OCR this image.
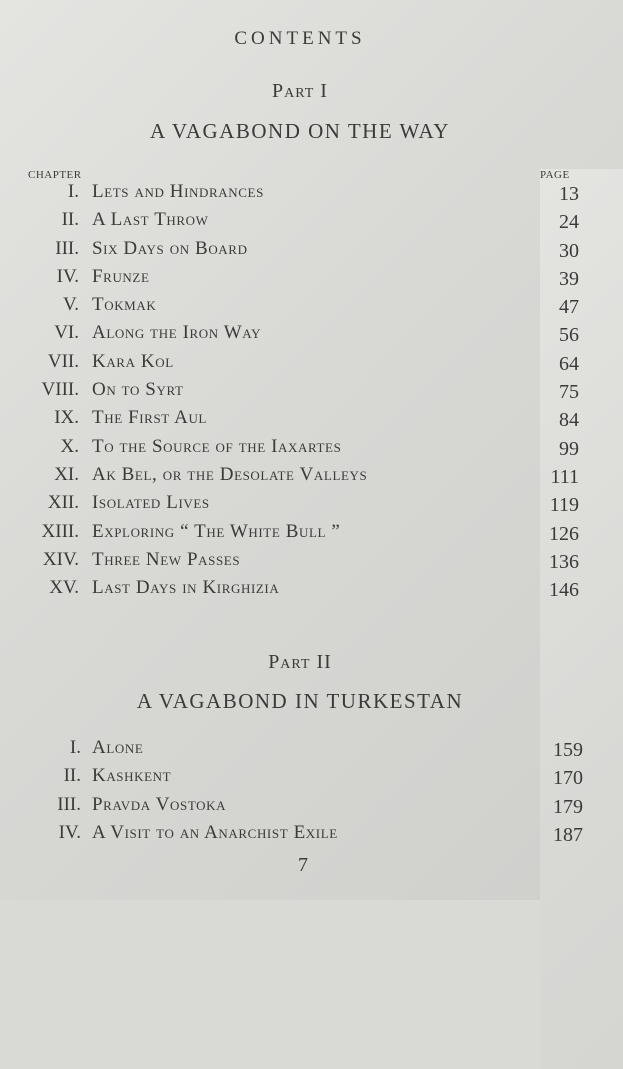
CONTENTS
Part I
A VAGABOND ON THE WAY
CHAPTER	PAGE
I. Lets and Hindrances	13
II. A Last Throw	24
III. Six Days on Board	30
IV. Frunze	39
V. Tokmak	47
VI. Along the Iron Way	56
VII. Kara Kol	64
VIII. On to Syrt	75
IX. The First Aul	84
X. To the Source of the Iaxartes	99
XI. Ak Bel, or the Desolate Valleys	111
XII. Isolated Lives	119
XIII. Exploring “ The White Bull ”	126
XIV. Three New Passes	136
XV. Last Days in Kirghizia	146
Part II
A VAGABOND IN TURKESTAN
I. Alone	159
II. Kashkent	170
III. Pravda Vostoka	179
IV. A Visit to an Anarchist Exile	187
7
